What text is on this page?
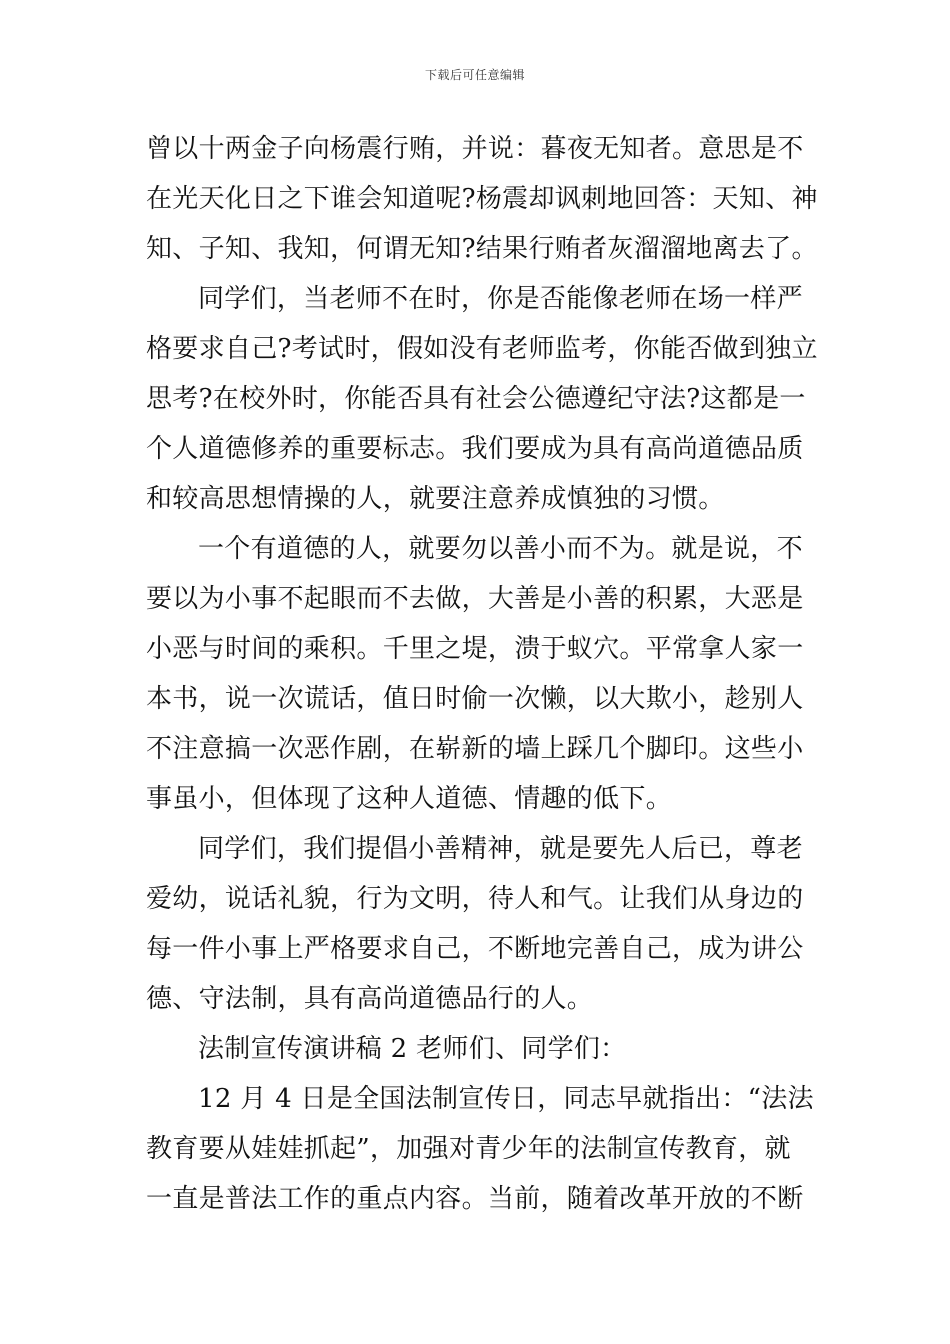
下载后可任意编辑
曾以十两金子向杨震行贿，并说：暮夜无知者。意思是不
在光天化日之下谁会知道呢?杨震却讽刺地回答：天知、神
知、子知、我知，何谓无知?结果行贿者灰溜溜地离去了。
同学们，当老师不在时，你是否能像老师在场一样严
格要求自己?考试时，假如没有老师监考，你能否做到独立
思考?在校外时，你能否具有社会公德遵纪守法?这都是一
个人道德修养的重要标志。我们要成为具有高尚道德品质
和较高思想情操的人，就要注意养成慎独的习惯。
一个有道德的人，就要勿以善小而不为。就是说，不
要以为小事不起眼而不去做，大善是小善的积累，大恶是
小恶与时间的乘积。千里之堤，溃于蚁穴。平常拿人家一
本书，说一次谎话，值日时偷一次懒，以大欺小，趁别人
不注意搞一次恶作剧，在崭新的墙上踩几个脚印。这些小
事虽小，但体现了这种人道德、情趣的低下。
同学们，我们提倡小善精神，就是要先人后已，尊老
爱幼，说话礼貌，行为文明，待人和气。让我们从身边的
每一件小事上严格要求自己，不断地完善自己，成为讲公
德、守法制，具有高尚道德品行的人。
法制宣传演讲稿 2 老师们、同学们：
12 月 4 日是全国法制宣传日，同志早就指出：“法法
教育要从娃娃抓起”，加强对青少年的法制宣传教育，就
一直是普法工作的重点内容。当前，随着改革开放的不断
